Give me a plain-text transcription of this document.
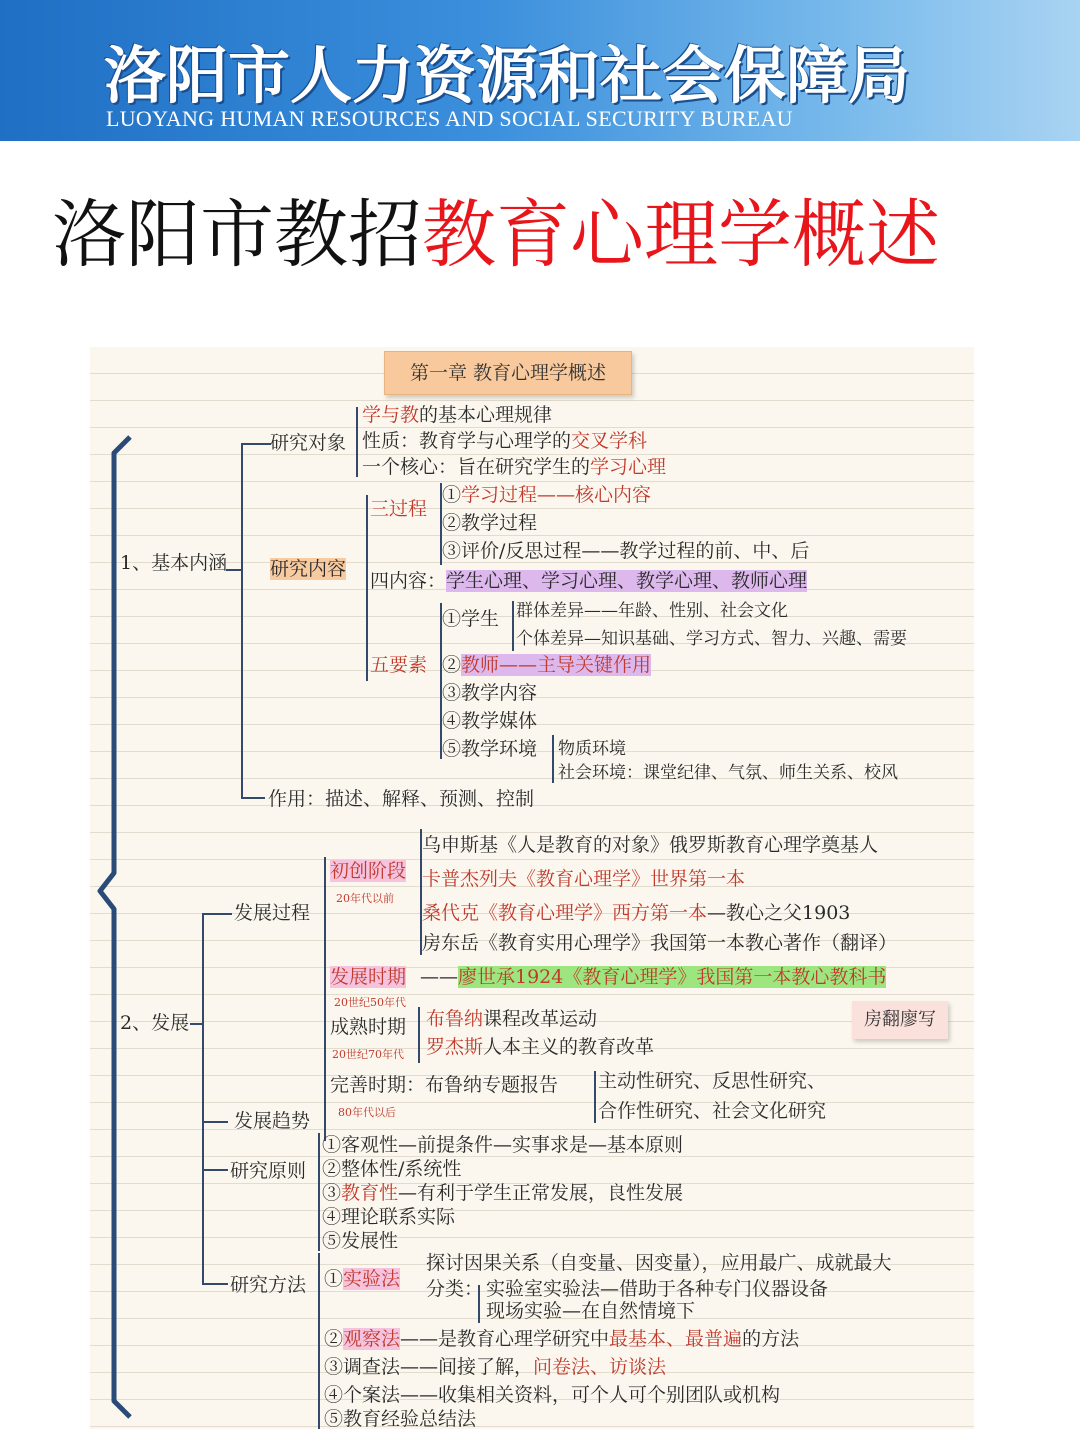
洛阳市人力资源和社会保障局
LUOYANG HUMAN RESOURCES AND SOCIAL SECURITY BUREAU
洛阳市教招教育心理学概述
第一章 教育心理学概述
1、基本内涵
研究对象
学与教的基本心理规律
性质：教育学与心理学的交叉学科
一个核心：旨在研究学生的学习心理
研究内容
三过程
①学习过程——核心内容
②教学过程
③评价/反思过程——教学过程的前、中、后
四内容：学生心理、学习心理、教学心理、教师心理
五要素
①学生 群体差异——年龄、性别、社会文化
个体差异—知识基础、学习方式、智力、兴趣、需要
②教师——主导关键作用
③教学内容
④教学媒体
⑤教学环境 物质环境
社会环境：课堂纪律、气氛、师生关系、校风
作用：描述、解释、预测、控制
2、发展
发展过程
初创阶段
20年代以前
乌申斯基《人是教育的对象》俄罗斯教育心理学奠基人
卡普杰列夫《教育心理学》世界第一本
桑代克《教育心理学》西方第一本—教心之父1903
房东岳《教育实用心理学》我国第一本教心著作（翻译）
发展时期
20世纪50年代
——廖世承1924《教育心理学》我国第一本教心教科书
成熟时期
20世纪70年代
布鲁纳课程改革运动
罗杰斯人本主义的教育改革
完善时期：布鲁纳专题报告
80年代以后
主动性研究、反思性研究、
合作性研究、社会文化研究
房翻廖写
发展趋势
研究原则
①客观性—前提条件—实事求是—基本原则
②整体性/系统性
③教育性—有利于学生正常发展，良性发展
④理论联系实际
⑤发展性
研究方法 ①实验法
探讨因果关系（自变量、因变量），应用最广、成就最大
分类： 实验室实验法—借助于各种专门仪器设备
现场实验—在自然情境下
②观察法——是教育心理学研究中最基本、最普遍的方法
③调查法——间接了解，问卷法、访谈法
④个案法——收集相关资料，可个人可个别团队或机构
⑤教育经验总结法
